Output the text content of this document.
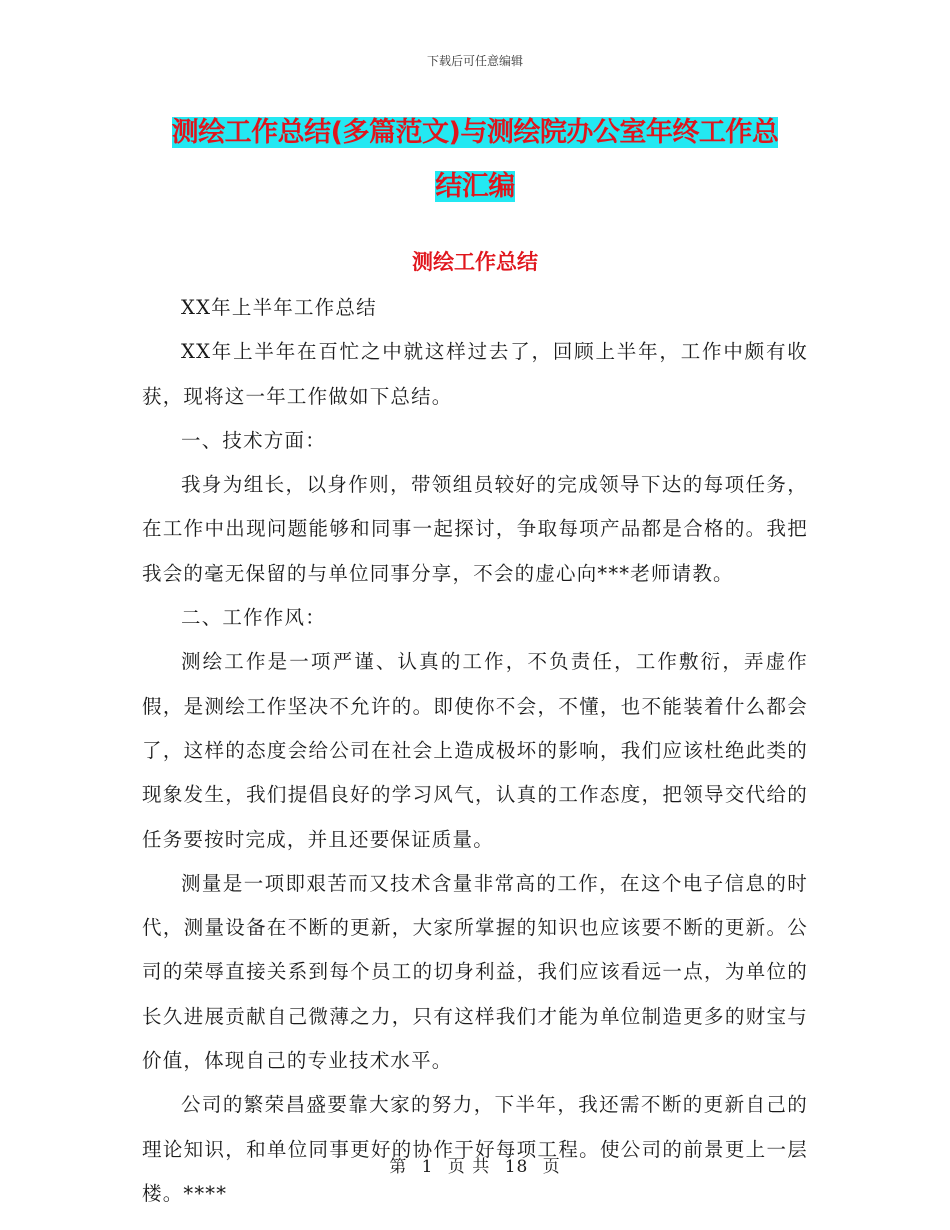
下载后可任意编辑
测绘工作总结(多篇范文)与测绘院办公室年终工作总
结汇编
测绘工作总结

XX年上半年工作总结

XX年上半年在百忙之中就这样过去了，回顾上半年，工作中颇有收获，现将这一年工作做如下总结。

一、技术方面：

我身为组长，以身作则，带领组员较好的完成领导下达的每项任务，在工作中出现问题能够和同事一起探讨，争取每项产品都是合格的。我把我会的毫无保留的与单位同事分享，不会的虚心向***老师请教。

二、工作作风：

测绘工作是一项严谨、认真的工作，不负责任，工作敷衍，弄虚作假，是测绘工作坚决不允许的。即使你不会，不懂，也不能装着什么都会了，这样的态度会给公司在社会上造成极坏的影响，我们应该杜绝此类的现象发生，我们提倡良好的学习风气，认真的工作态度，把领导交代给的任务要按时完成，并且还要保证质量。

测量是一项即艰苦而又技术含量非常高的工作，在这个电子信息的时代，测量设备在不断的更新，大家所掌握的知识也应该要不断的更新。公司的荣辱直接关系到每个员工的切身利益，我们应该看远一点，为单位的长久进展贡献自己微薄之力，只有这样我们才能为单位制造更多的财宝与价值，体现自己的专业技术水平。

公司的繁荣昌盛要靠大家的努力，下半年，我还需不断的更新自己的理论知识，和单位同事更好的协作干好每项工程。使公司的前景更上一层楼。****

第 1 页 共 18 页
